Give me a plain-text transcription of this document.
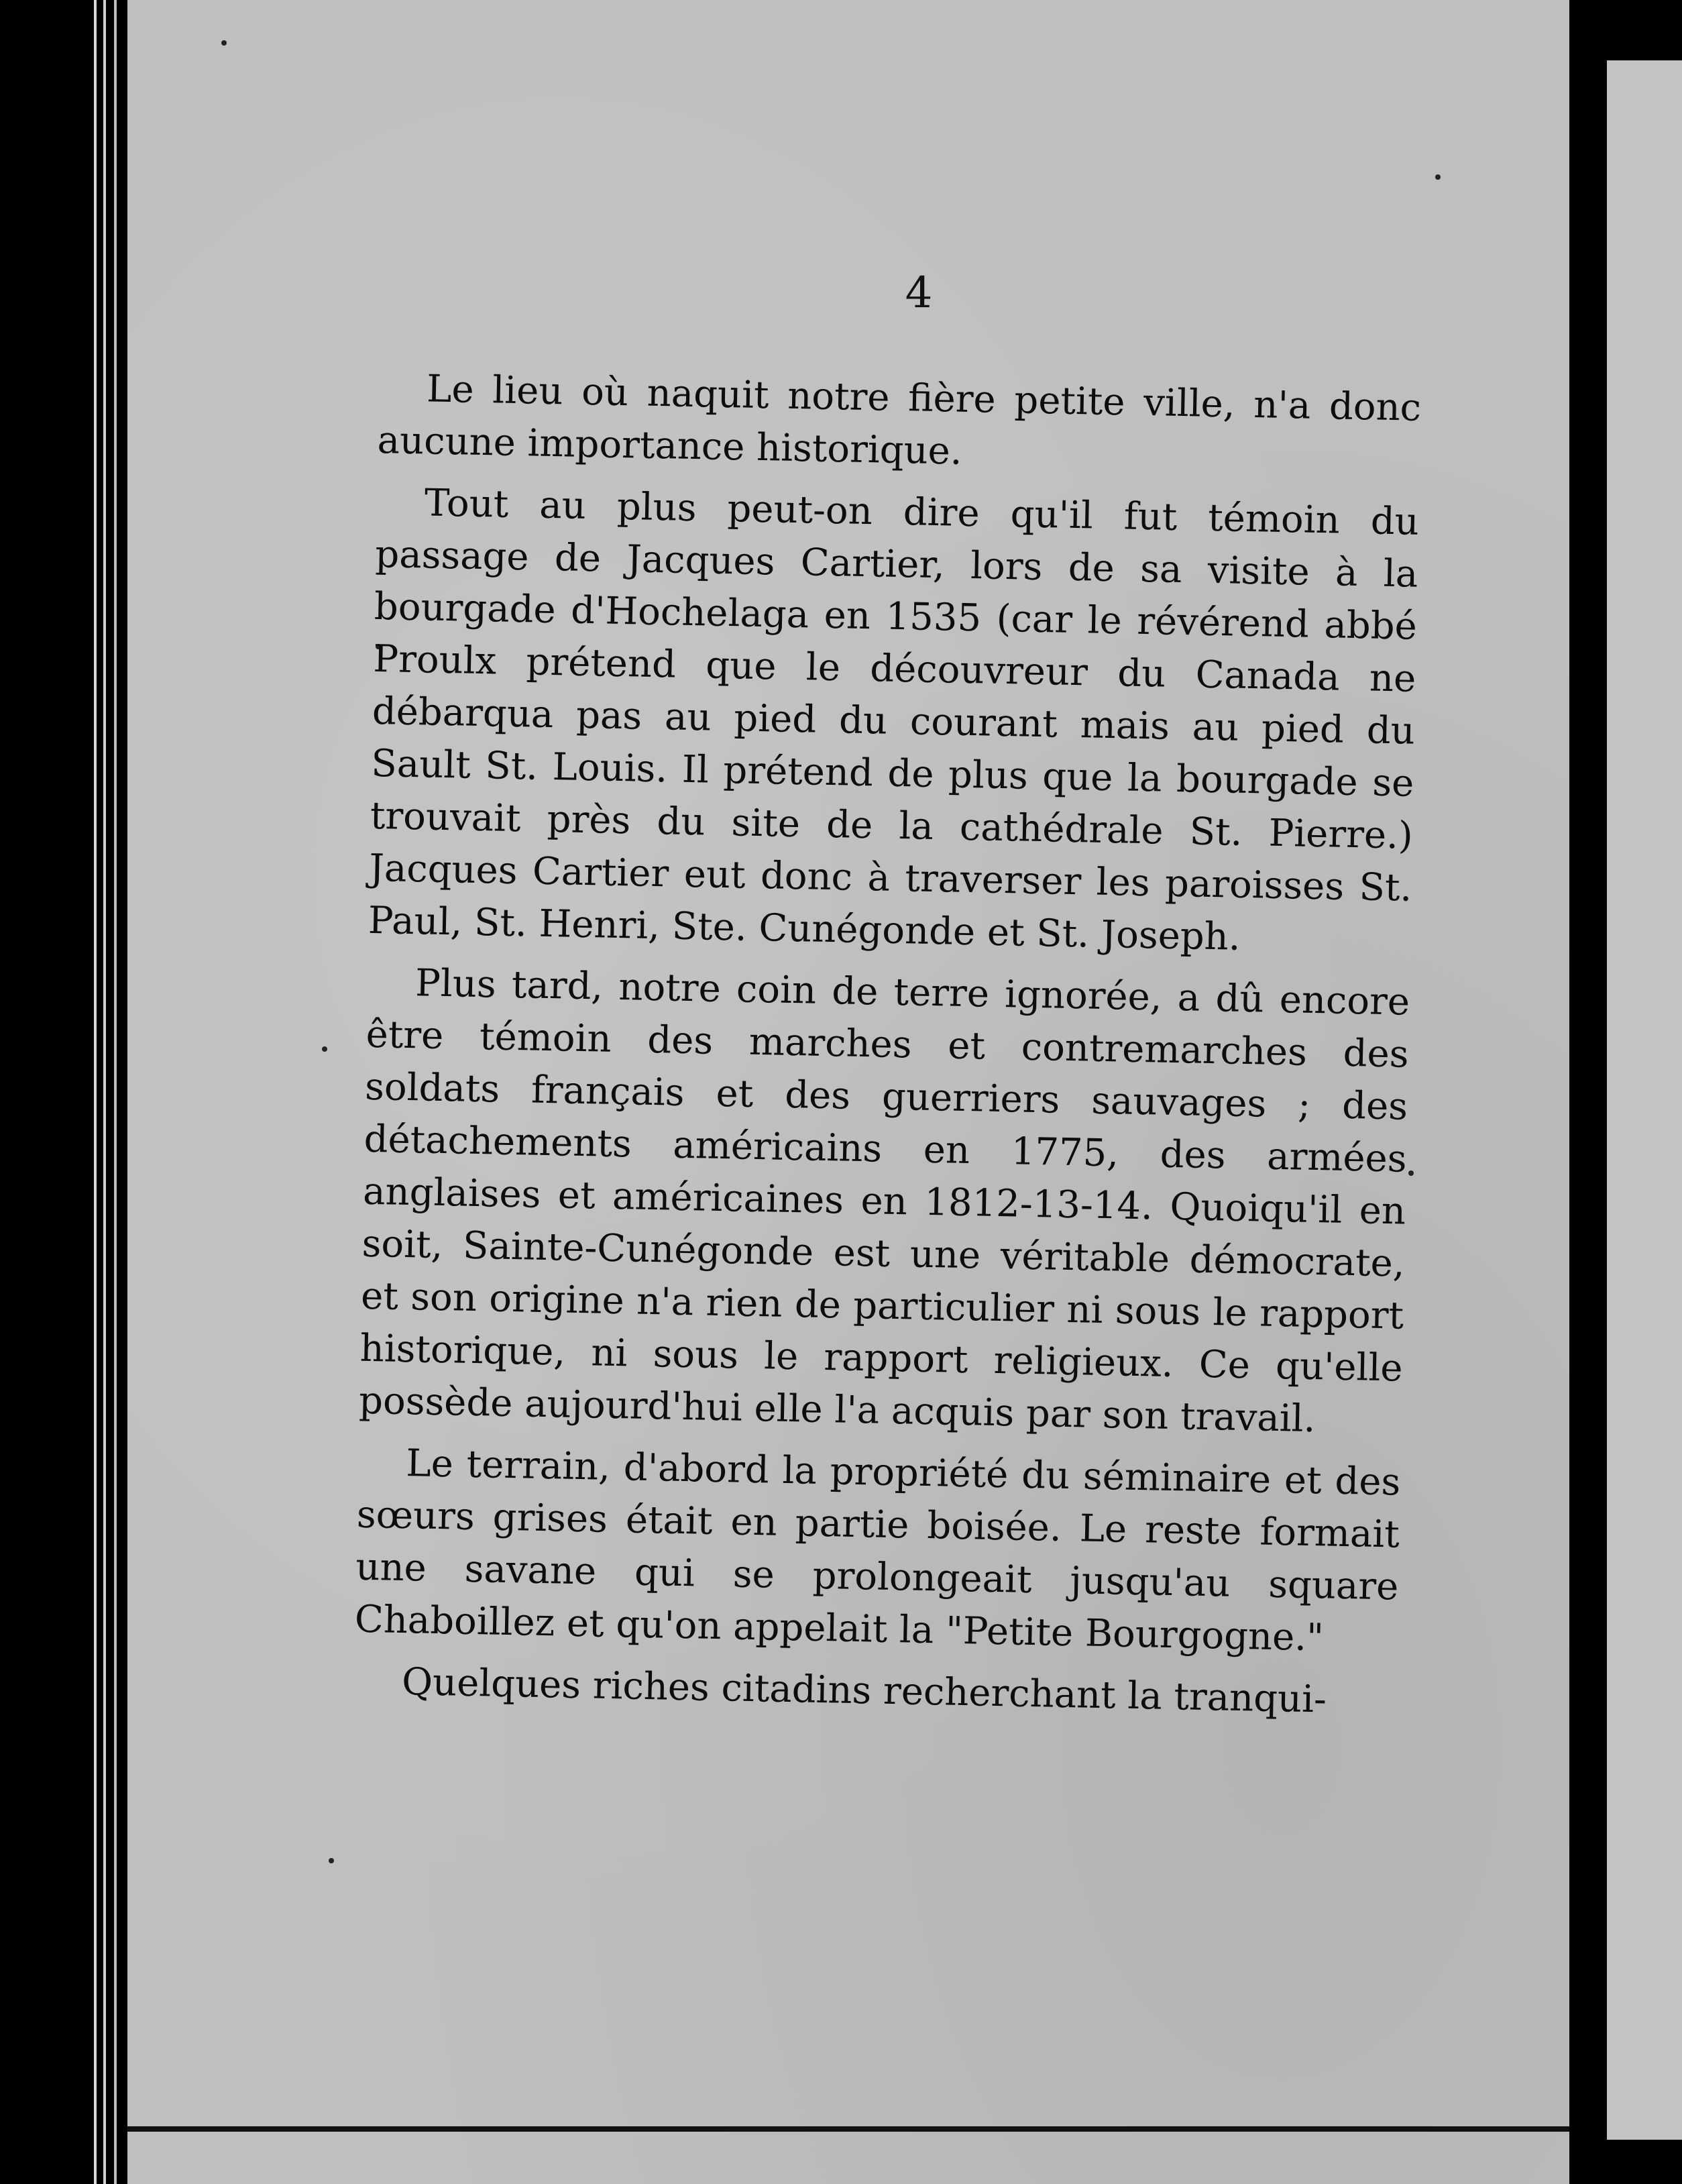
4

Le lieu où naquit notre fière petite ville, n'a donc aucune importance historique.

Tout au plus peut-on dire qu'il fut témoin du passage de Jacques Cartier, lors de sa visite à la bourgade d'Hochelaga en 1535 (car le révérend abbé Proulx prétend que le découvreur du Canada ne débarqua pas au pied du courant mais au pied du Sault St. Louis. Il prétend de plus que la bourgade se trouvait près du site de la cathédrale St. Pierre.) Jacques Cartier eut donc à traverser les paroisses St. Paul, St. Henri, Ste. Cunégonde et St. Joseph.

Plus tard, notre coin de terre ignorée, a dû encore être témoin des marches et contremarches des soldats français et des guerriers sauvages ; des détachements américains en 1775, des armées anglaises et américaines en 1812-13-14. Quoiqu'il en soit, Sainte-Cunégonde est une véritable démocrate, et son origine n'a rien de particulier ni sous le rapport historique, ni sous le rapport religieux. Ce qu'elle possède aujourd'hui elle l'a acquis par son travail.

Le terrain, d'abord la propriété du séminaire et des sœurs grises était en partie boisée. Le reste formait une savane qui se prolongeait jusqu'au square Chaboillez et qu'on appelait la "Petite Bourgogne."

Quelques riches citadins recherchant la tranqui-
